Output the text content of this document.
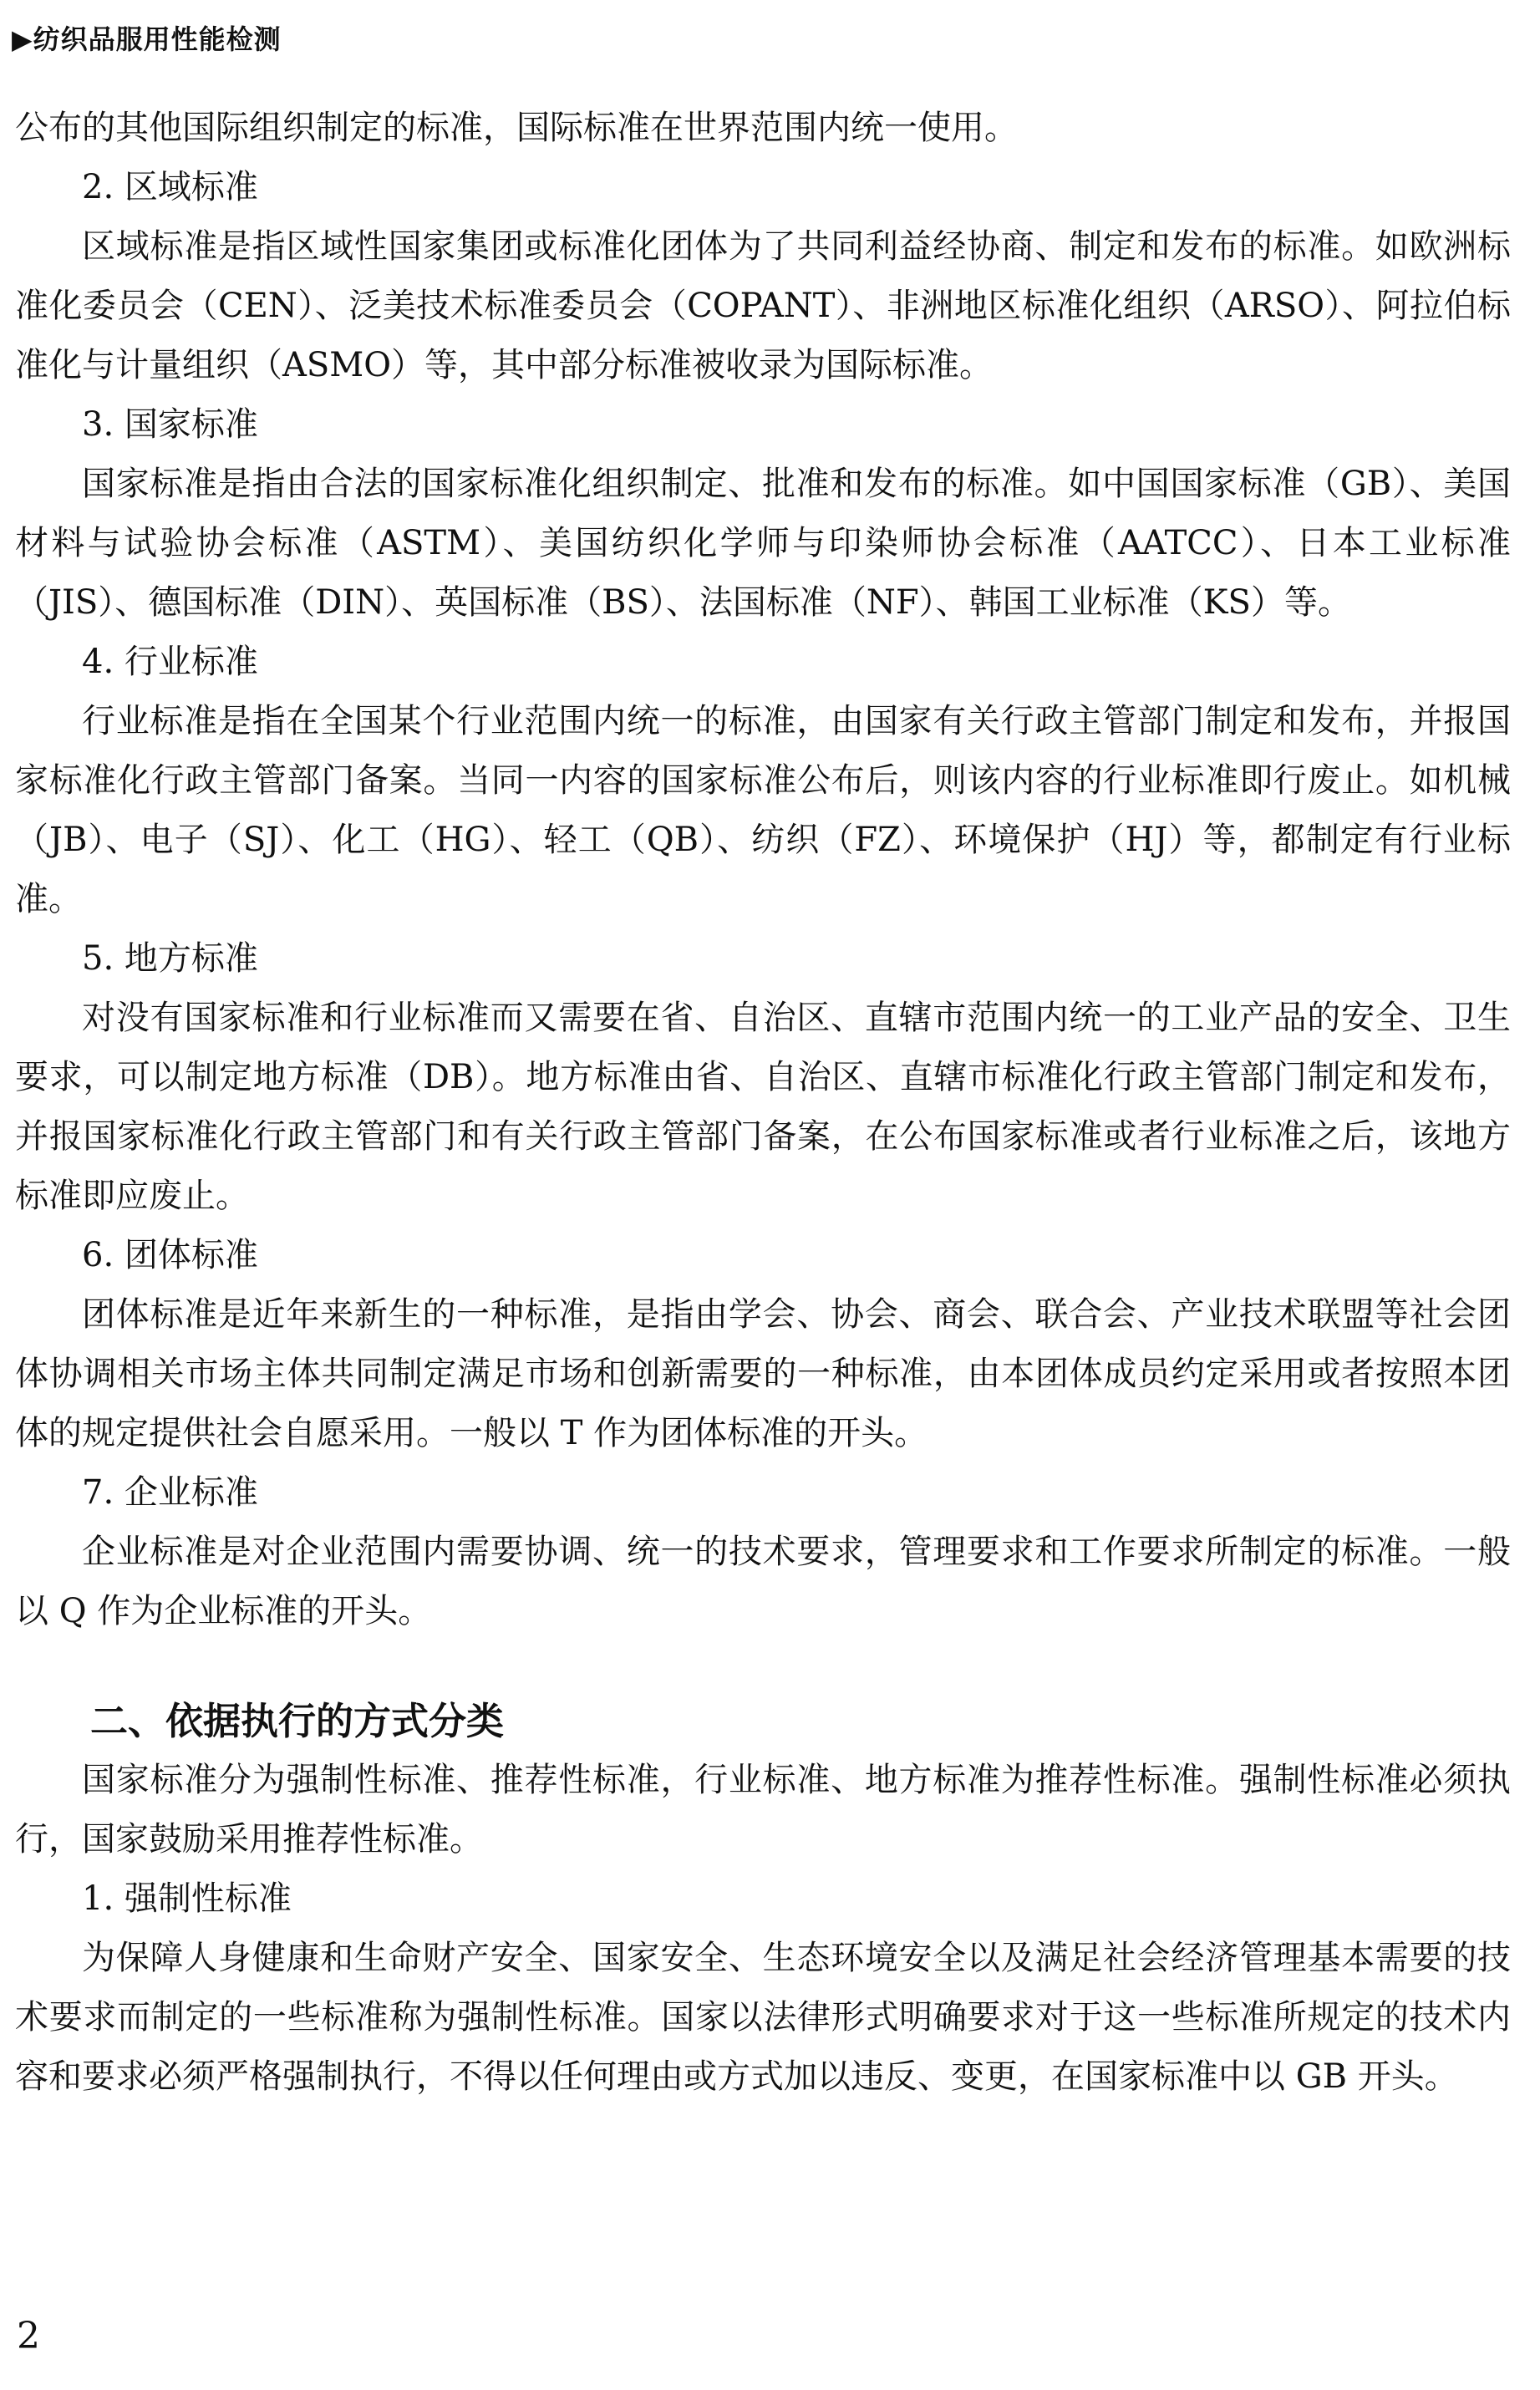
▶纺织品服用性能检测

公布的其他国际组织制定的标准，国际标准在世界范围内统一使用。

2. 区域标准

区域标准是指区域性国家集团或标准化团体为了共同利益经协商、制定和发布的标准。如欧洲标准化委员会（CEN）、泛美技术标准委员会（COPANT）、非洲地区标准化组织（ARSO）、阿拉伯标准化与计量组织（ASMO）等，其中部分标准被收录为国际标准。

3. 国家标准

国家标准是指由合法的国家标准化组织制定、批准和发布的标准。如中国国家标准（GB）、美国材料与试验协会标准（ASTM）、美国纺织化学师与印染师协会标准（AATCC）、日本工业标准（JIS）、德国标准（DIN）、英国标准（BS）、法国标准（NF）、韩国工业标准（KS）等。

4. 行业标准

行业标准是指在全国某个行业范围内统一的标准，由国家有关行政主管部门制定和发布，并报国家标准化行政主管部门备案。当同一内容的国家标准公布后，则该内容的行业标准即行废止。如机械（JB）、电子（SJ）、化工（HG）、轻工（QB）、纺织（FZ）、环境保护（HJ）等，都制定有行业标准。

5. 地方标准

对没有国家标准和行业标准而又需要在省、自治区、直辖市范围内统一的工业产品的安全、卫生要求，可以制定地方标准（DB）。地方标准由省、自治区、直辖市标准化行政主管部门制定和发布，并报国家标准化行政主管部门和有关行政主管部门备案，在公布国家标准或者行业标准之后，该地方标准即应废止。

6. 团体标准

团体标准是近年来新生的一种标准，是指由学会、协会、商会、联合会、产业技术联盟等社会团体协调相关市场主体共同制定满足市场和创新需要的一种标准，由本团体成员约定采用或者按照本团体的规定提供社会自愿采用。一般以 T 作为团体标准的开头。

7. 企业标准

企业标准是对企业范围内需要协调、统一的技术要求，管理要求和工作要求所制定的标准。一般以 Q 作为企业标准的开头。

二、依据执行的方式分类

国家标准分为强制性标准、推荐性标准，行业标准、地方标准为推荐性标准。强制性标准必须执行，国家鼓励采用推荐性标准。

1. 强制性标准

为保障人身健康和生命财产安全、国家安全、生态环境安全以及满足社会经济管理基本需要的技术要求而制定的一些标准称为强制性标准。国家以法律形式明确要求对于这一些标准所规定的技术内容和要求必须严格强制执行，不得以任何理由或方式加以违反、变更，在国家标准中以 GB 开头。

2
